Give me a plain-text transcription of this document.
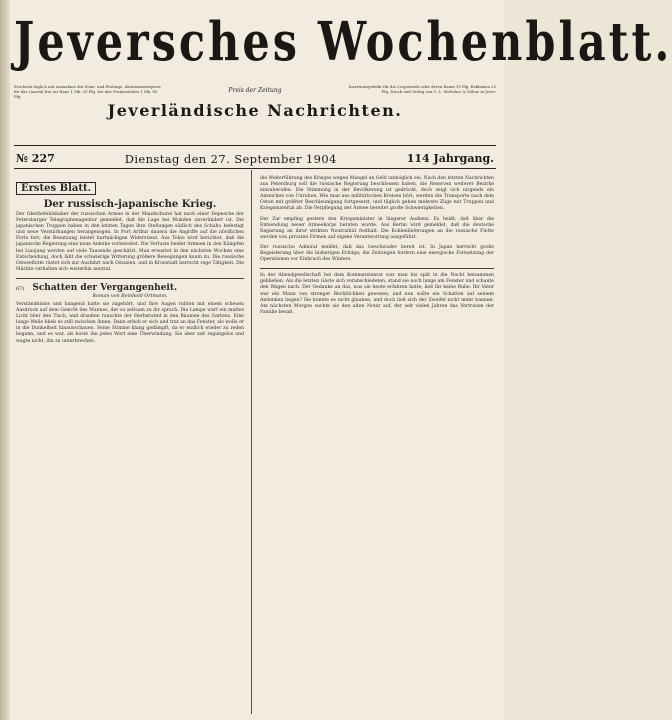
Jeversches Wochenblatt.
Erscheint täglich mit Ausnahme der Sonn- und Festtage. Abonnementspreis für das Quartal frei ins Haus 1 Mk. 50 Pfg. bei den Postanstalten 1 Mk. 80 Pfg.
Preis der Zeitung
Insertionsgebühr für die Corpuszeile oder deren Raum 10 Pfg. Reklamen 20 Pfg. Druck und Verlag von C. L. Mettcker & Söhne in Jever.
Jeverländische Nachrichten.
№ 227	Dienstag den 27. September 1904	114 Jahrgang.
Erstes Blatt.
Der russisch-japanische Krieg.

Der Oberbefehlshaber der russischen Armee in der Mandschurei hat nach einer Depesche der Petersburger Telegraphenagentur gemeldet, daß die Lage bei Mukden unverändert ist. Die japanischen Truppen haben in den letzten Tagen ihre Stellungen südlich des Schaho befestigt und neue Verstärkungen herangezogen. In Port Arthur dauern die Angriffe auf die nördlichen Forts fort; die Besatzung leistet hartnäckigen Widerstand. Aus Tokio wird berichtet, daß die japanische Regierung eine neue Anleihe vorbereitet. Die Verluste beider Armeen in den Kämpfen bei Liaojang werden auf viele Tausende geschätzt. Man erwartet in den nächsten Wochen eine Entscheidung, doch läßt die schwierige Witterung größere Bewegungen kaum zu. Die russische Ostseeflotte rüstet sich zur Ausfahrt nach Ostasien, und in Kronstadt herrscht rege Tätigkeit. Die Mächte verhalten sich weiterhin neutral.

67) Schatten der Vergangenheit.
Roman von Reinhold Ortmann.

Verständnislos und bangend hatte sie zugehört, und ihre Augen ruhten mit einem scheuen Ausdruck auf dem Gesicht des Mannes, der so seltsam zu ihr sprach. Die Lampe warf ein mattes Licht über den Tisch, und draußen rauschte der Herbstwind in den Bäumen des Gartens. Eine lange Weile blieb es still zwischen ihnen. Dann erhob er sich und trat an das Fenster, als wolle er in die Dunkelheit hinausschauen. Seine Stimme klang gedämpft, da er endlich wieder zu reden begann, und es war, als koste ihn jedes Wort eine Überwindung. Sie aber saß regungslos und wagte nicht, ihn zu unterbrechen.

die Weiterführung des Krieges wegen Mangel an Geld unmöglich sei. Nach den letzten Nachrichten aus Petersburg soll die russische Regierung beschlossen haben, die Reserven weiterer Bezirke einzuberufen. Die Stimmung in der Bevölkerung ist gedrückt, doch zeigt sich nirgends ein Anzeichen von Unruhen. Wie man aus militärischen Kreisen hört, werden die Transporte nach dem Osten mit größter Beschleunigung fortgesetzt, und täglich gehen mehrere Züge mit Truppen und Kriegsmaterial ab. Die Verpflegung der Armee bereitet große Schwierigkeiten.

Der Zar empfing gestern den Kriegsminister in längerer Audienz. Es heißt, daß über die Entsendung neuer Armeekorps beraten wurde. Aus Berlin wird gemeldet, daß die deutsche Regierung an ihrer strikten Neutralität festhält. Die Kohlenlieferungen an die russische Flotte werden von privaten Firmen auf eigene Verantwortung ausgeführt.

Der russische Admiral meldet, daß das Geschwader bereit ist. In Japan herrscht große Begeisterung über die bisherigen Erfolge; die Zeitungen fordern eine energische Fortsetzung der Operationen vor Einbruch des Winters.

In der Abendgesellschaft bei dem Kommerzienrat war man bis spät in die Nacht beisammen geblieben. Als die letzten Gäste sich verabschiedeten, stand sie noch lange am Fenster und schaute den Wagen nach. Der Gedanke an das, was sie heute erfahren hatte, ließ ihr keine Ruhe. Ihr Vater war ein Mann von strenger Rechtlichkeit gewesen, und nun sollte ein Schatten auf seinem Andenken liegen? Sie konnte es nicht glauben, und doch ließ sich der Zweifel nicht mehr bannen. Am nächsten Morgen suchte sie den alten Notar auf, der seit vielen Jahren das Vertrauen der Familie besaß.
